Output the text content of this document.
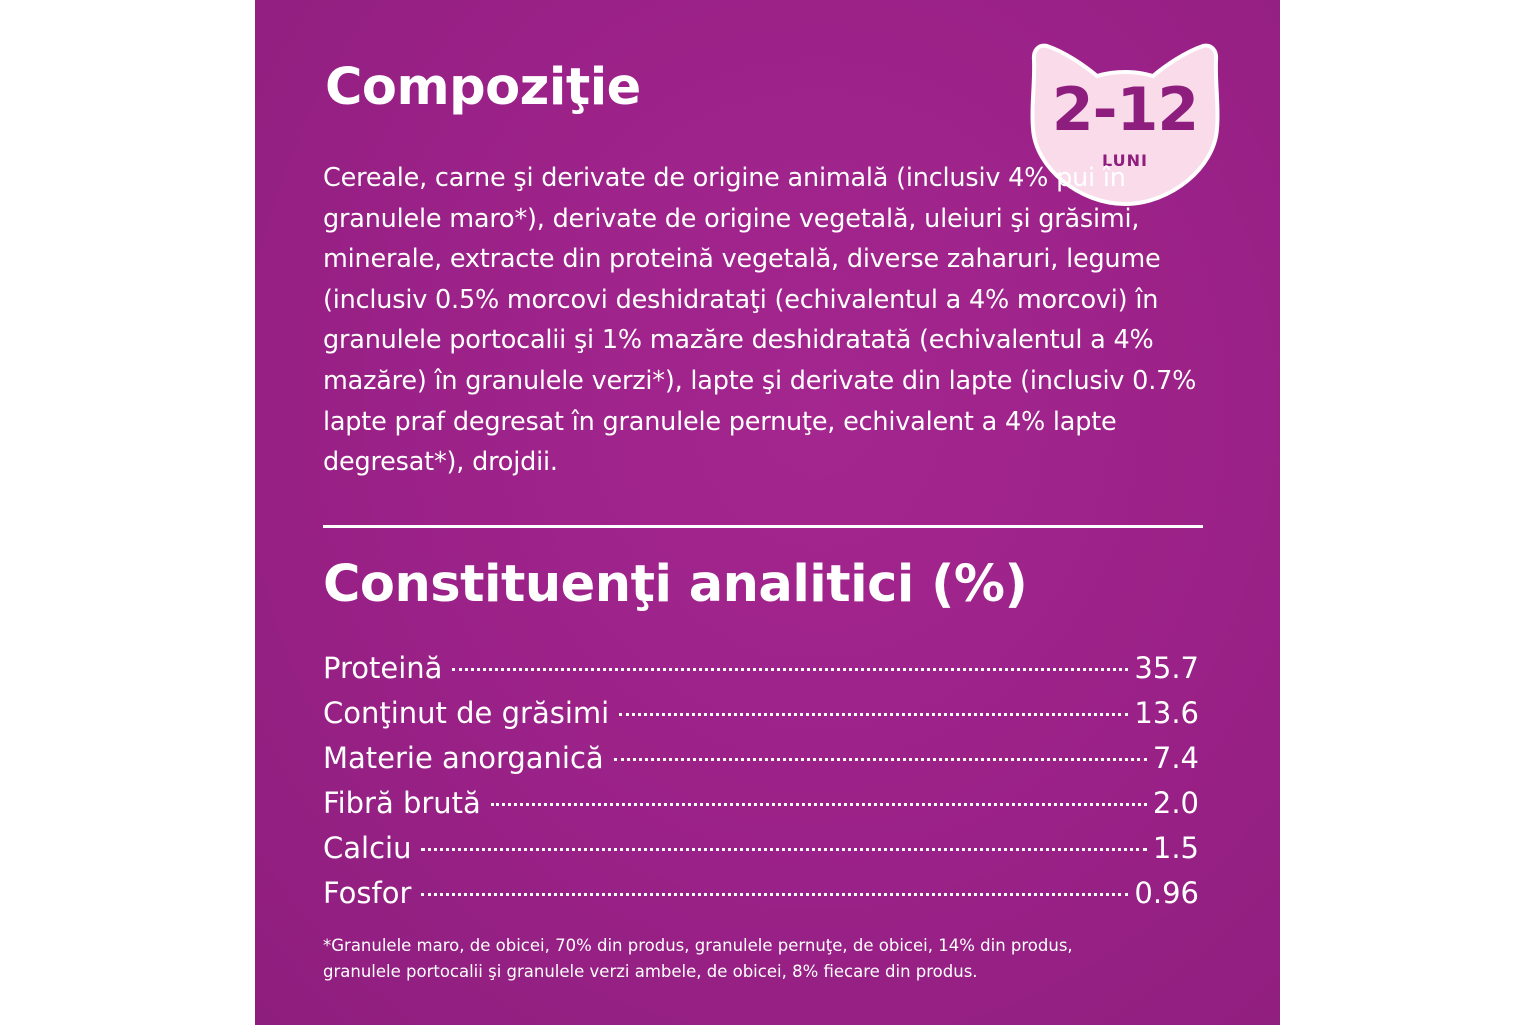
Compoziţie	2-12
LUNI

Cereale, carne şi derivate de origine animală (inclusiv 4% pui în granulele maro*), derivate de origine vegetală, uleiuri şi grăsimi, minerale, extracte din proteină vegetală, diverse zaharuri, legume (inclusiv 0.5% morcovi deshidrataţi (echivalentul a 4% morcovi) în granulele portocalii şi 1% mazăre deshidratată (echivalentul a 4% mazăre) în granulele verzi*), lapte şi derivate din lapte (inclusiv 0.7% lapte praf degresat în granulele pernuţe, echivalent a 4% lapte degresat*), drojdii.

Constituenţi analitici (%)
Proteină	35.7
Conţinut de grăsimi	13.6
Materie anorganică	7.4
Fibră brută	2.0
Calciu	1.5
Fosfor	0.96

*Granulele maro, de obicei, 70% din produs, granulele pernuţe, de obicei, 14% din produs,
granulele portocalii şi granulele verzi ambele, de obicei, 8% fiecare din produs.
